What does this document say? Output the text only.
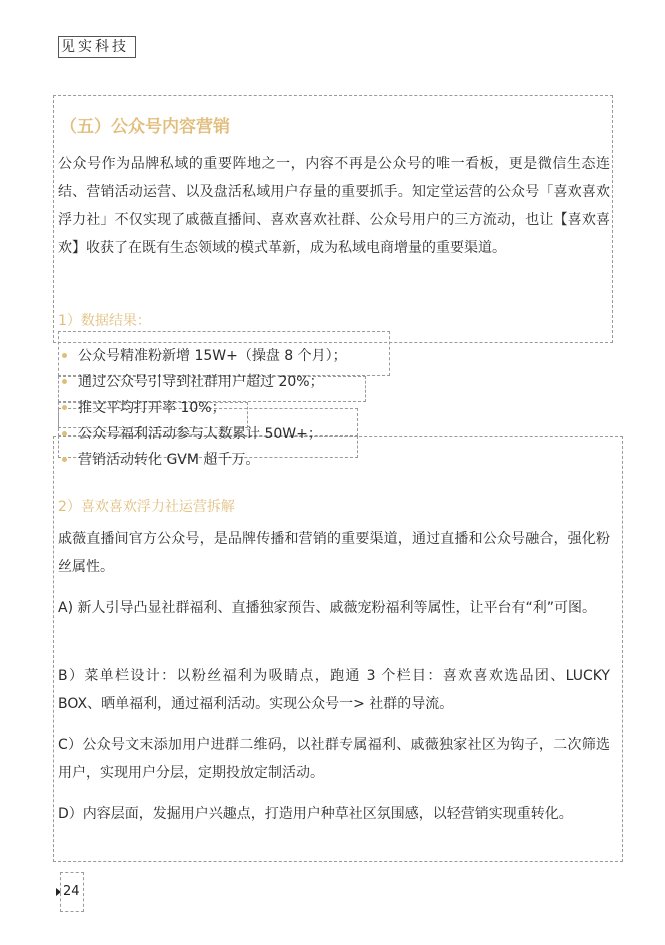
见实科技
（五）公众号内容营销

公众号作为品牌私域的重要阵地之一，内容不再是公众号的唯一看板，更是微信生态连结、营销活动运营、以及盘活私域用户存量的重要抓手。知定堂运营的公众号「喜欢喜欢浮力社」不仅实现了戚薇直播间、喜欢喜欢社群、公众号用户的三方流动，也让【喜欢喜欢】收获了在既有生态领域的模式革新，成为私域电商增量的重要渠道。

1）数据结果：
公众号精准粉新增 15W+（操盘 8 个月）；
通过公众号引导到社群用户超过 20%；
推文平均打开率 10%；
公众号福利活动参与人数累计 50W+；
营销活动转化 GVM 超千万。
2）喜欢喜欢浮力社运营拆解

戚薇直播间官方公众号，是品牌传播和营销的重要渠道，通过直播和公众号融合，强化粉丝属性。

A) 新人引导凸显社群福利、直播独家预告、戚薇宠粉福利等属性，让平台有“利”可图。

B）菜单栏设计：以粉丝福利为吸睛点，跑通 3 个栏目：喜欢喜欢选品团、LUCKY BOX、晒单福利，通过福利活动。实现公众号一> 社群的导流。

C）公众号文末添加用户进群二维码，以社群专属福利、戚薇独家社区为钩子，二次筛选用户，实现用户分层，定期投放定制活动。

D）内容层面，发掘用户兴趣点，打造用户种草社区氛围感，以轻营销实现重转化。

24
